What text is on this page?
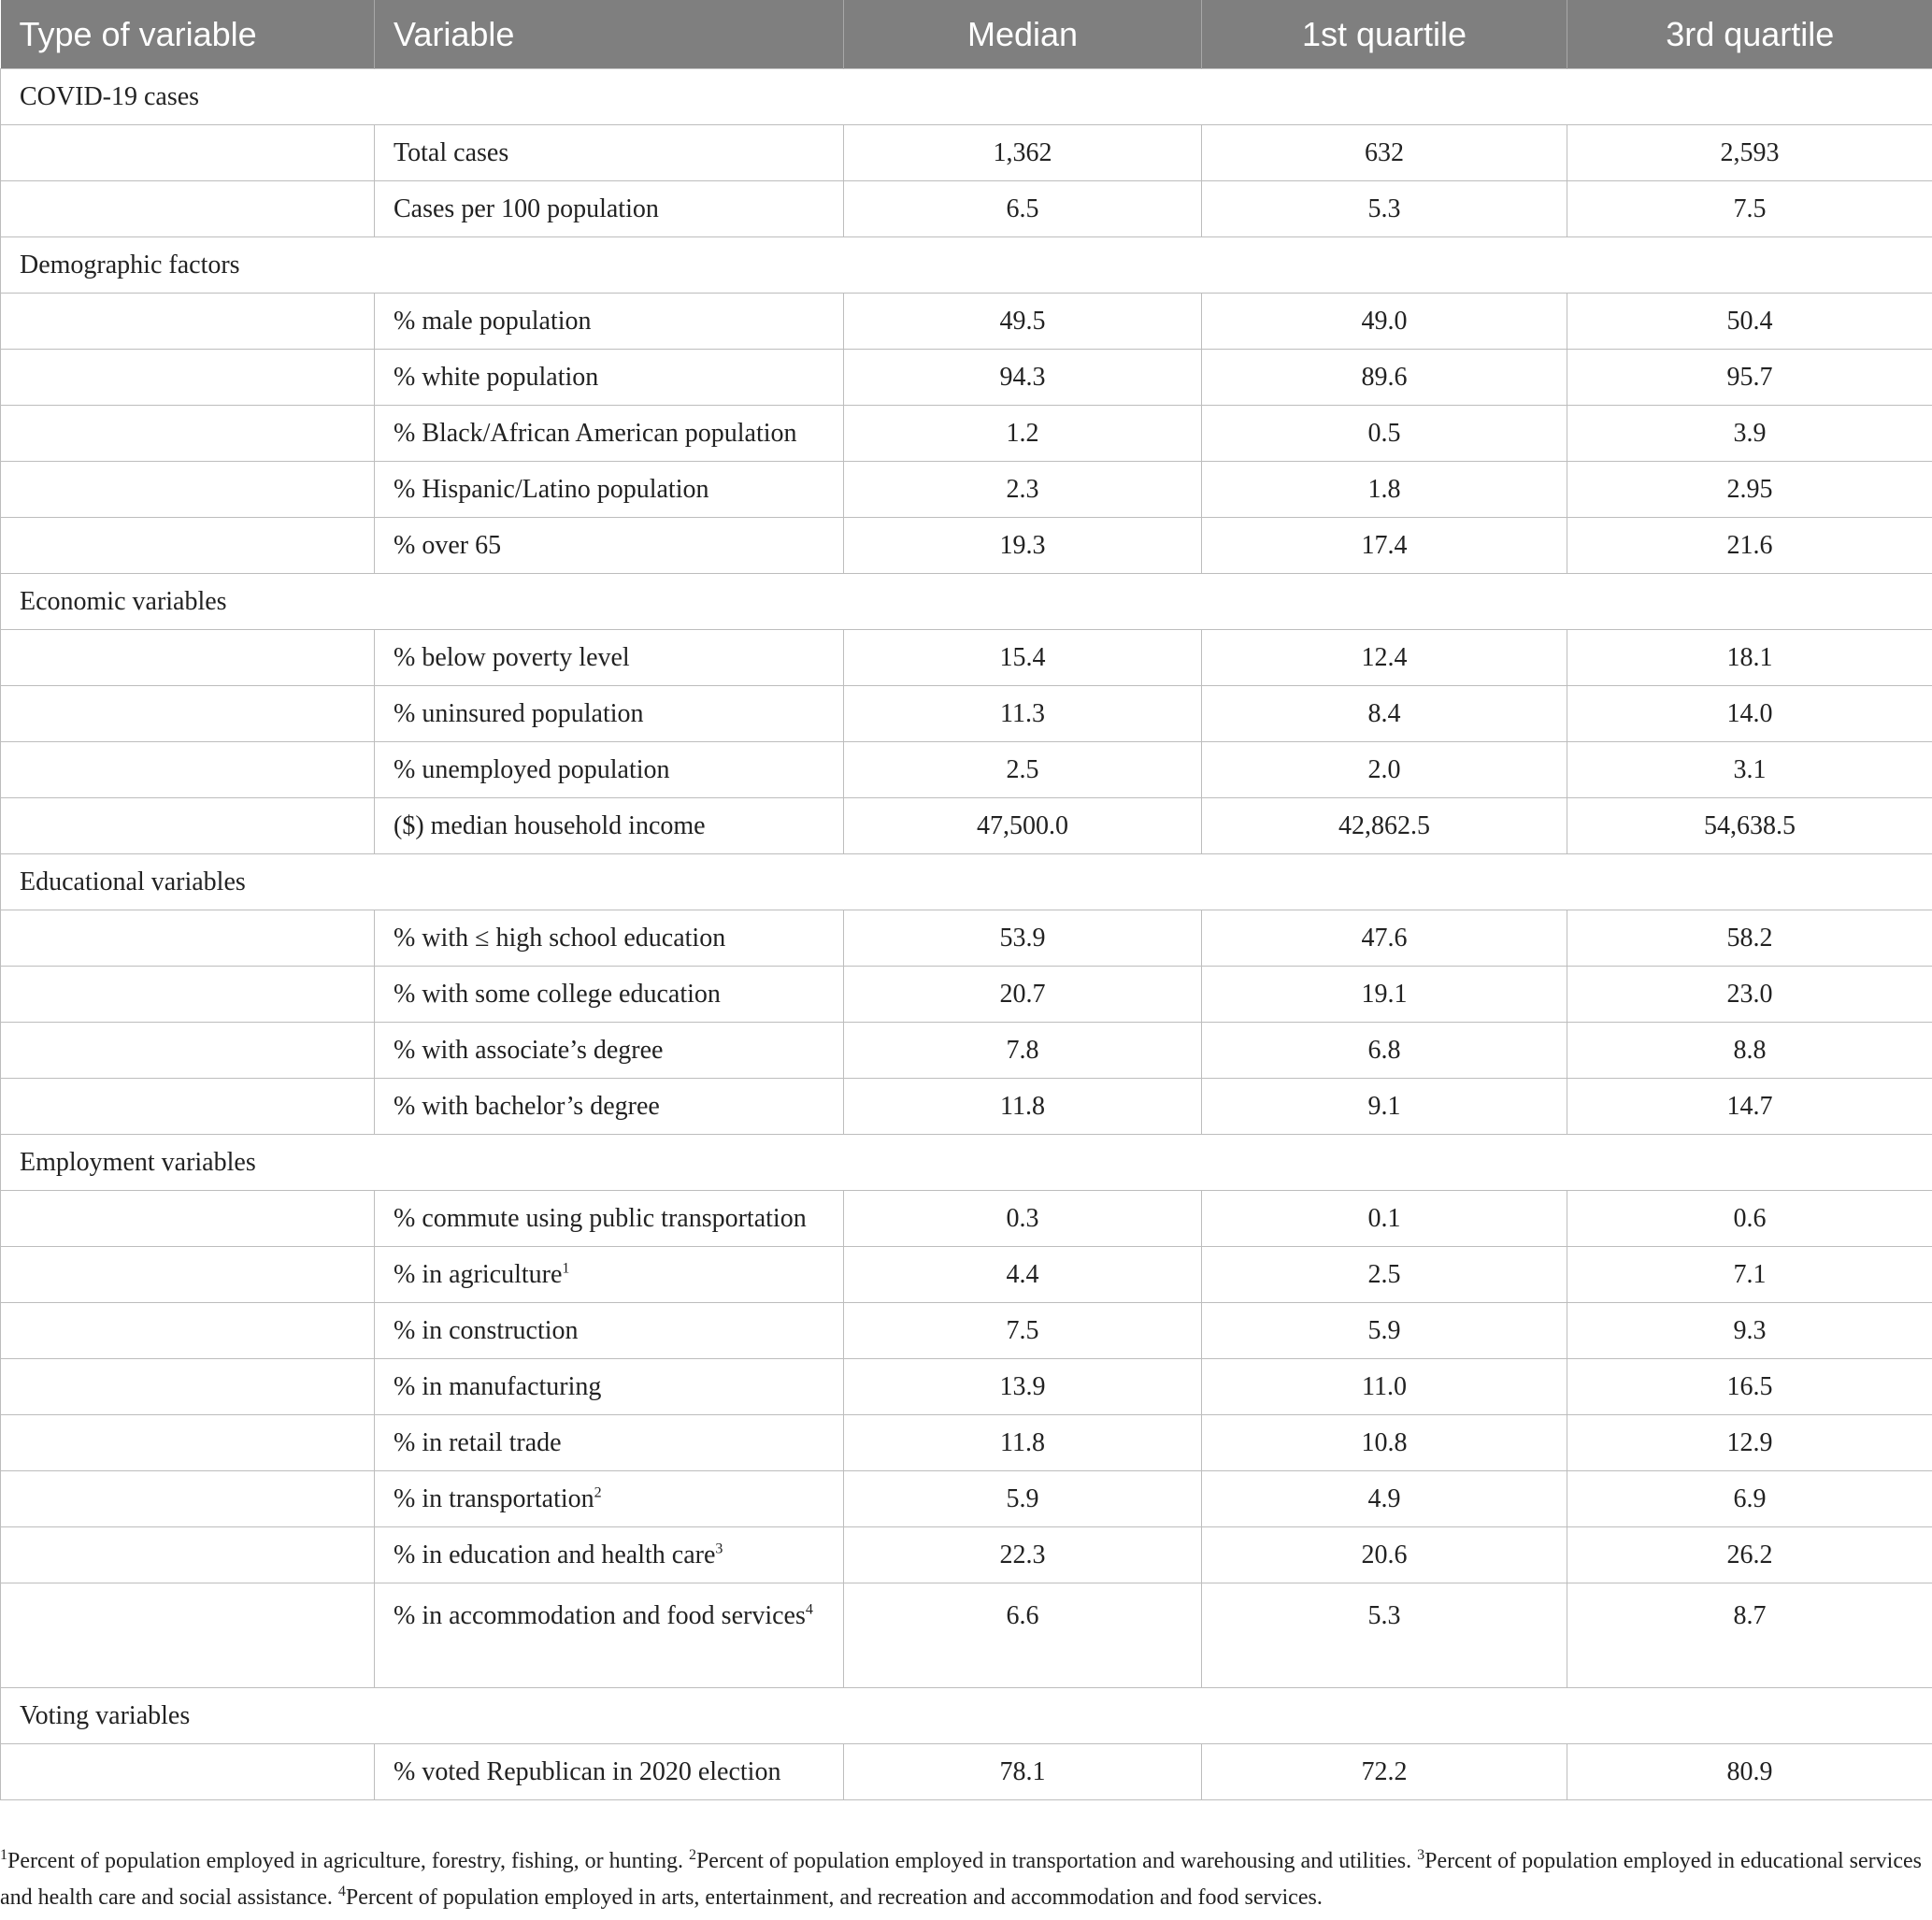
Type of variable	Variable	Median	1st quartile	3rd quartile
COVID-19 cases				
	Total cases	1,362	632	2,593
	Cases per 100 population	6.5	5.3	7.5
Demographic factors				
	% male population	49.5	49.0	50.4
	% white population	94.3	89.6	95.7
	% Black/African American population	1.2	0.5	3.9
	% Hispanic/Latino population	2.3	1.8	2.95
	% over 65	19.3	17.4	21.6
Economic variables				
	% below poverty level	15.4	12.4	18.1
	% uninsured population	11.3	8.4	14.0
	% unemployed population	2.5	2.0	3.1
	($) median household income	47,500.0	42,862.5	54,638.5
Educational variables				
	% with ≤ high school education	53.9	47.6	58.2
	% with some college education	20.7	19.1	23.0
	% with associate’s degree	7.8	6.8	8.8
	% with bachelor’s degree	11.8	9.1	14.7
Employment variables				
	% commute using public transportation	0.3	0.1	0.6
	% in agriculture$^1$	4.4	2.5	7.1
	% in construction	7.5	5.9	9.3
	% in manufacturing	13.9	11.0	16.5
	% in retail trade	11.8	10.8	12.9
	% in transportation$^2$	5.9	4.9	6.9
	% in education and health care$^3$	22.3	20.6	26.2
	% in accommodation and food services$^4$	6.6	5.3	8.7
Voting variables				
	% voted Republican in 2020 election	78.1	72.2	80.9
$^1$Percent of population employed in agriculture, forestry, fishing, or hunting. $^2$Percent of population employed in transportation and warehousing and utilities. $^3$Percent of population employed in educational services and health care and social assistance. $^4$Percent of population employed in arts, entertainment, and recreation and accommodation and food services.
